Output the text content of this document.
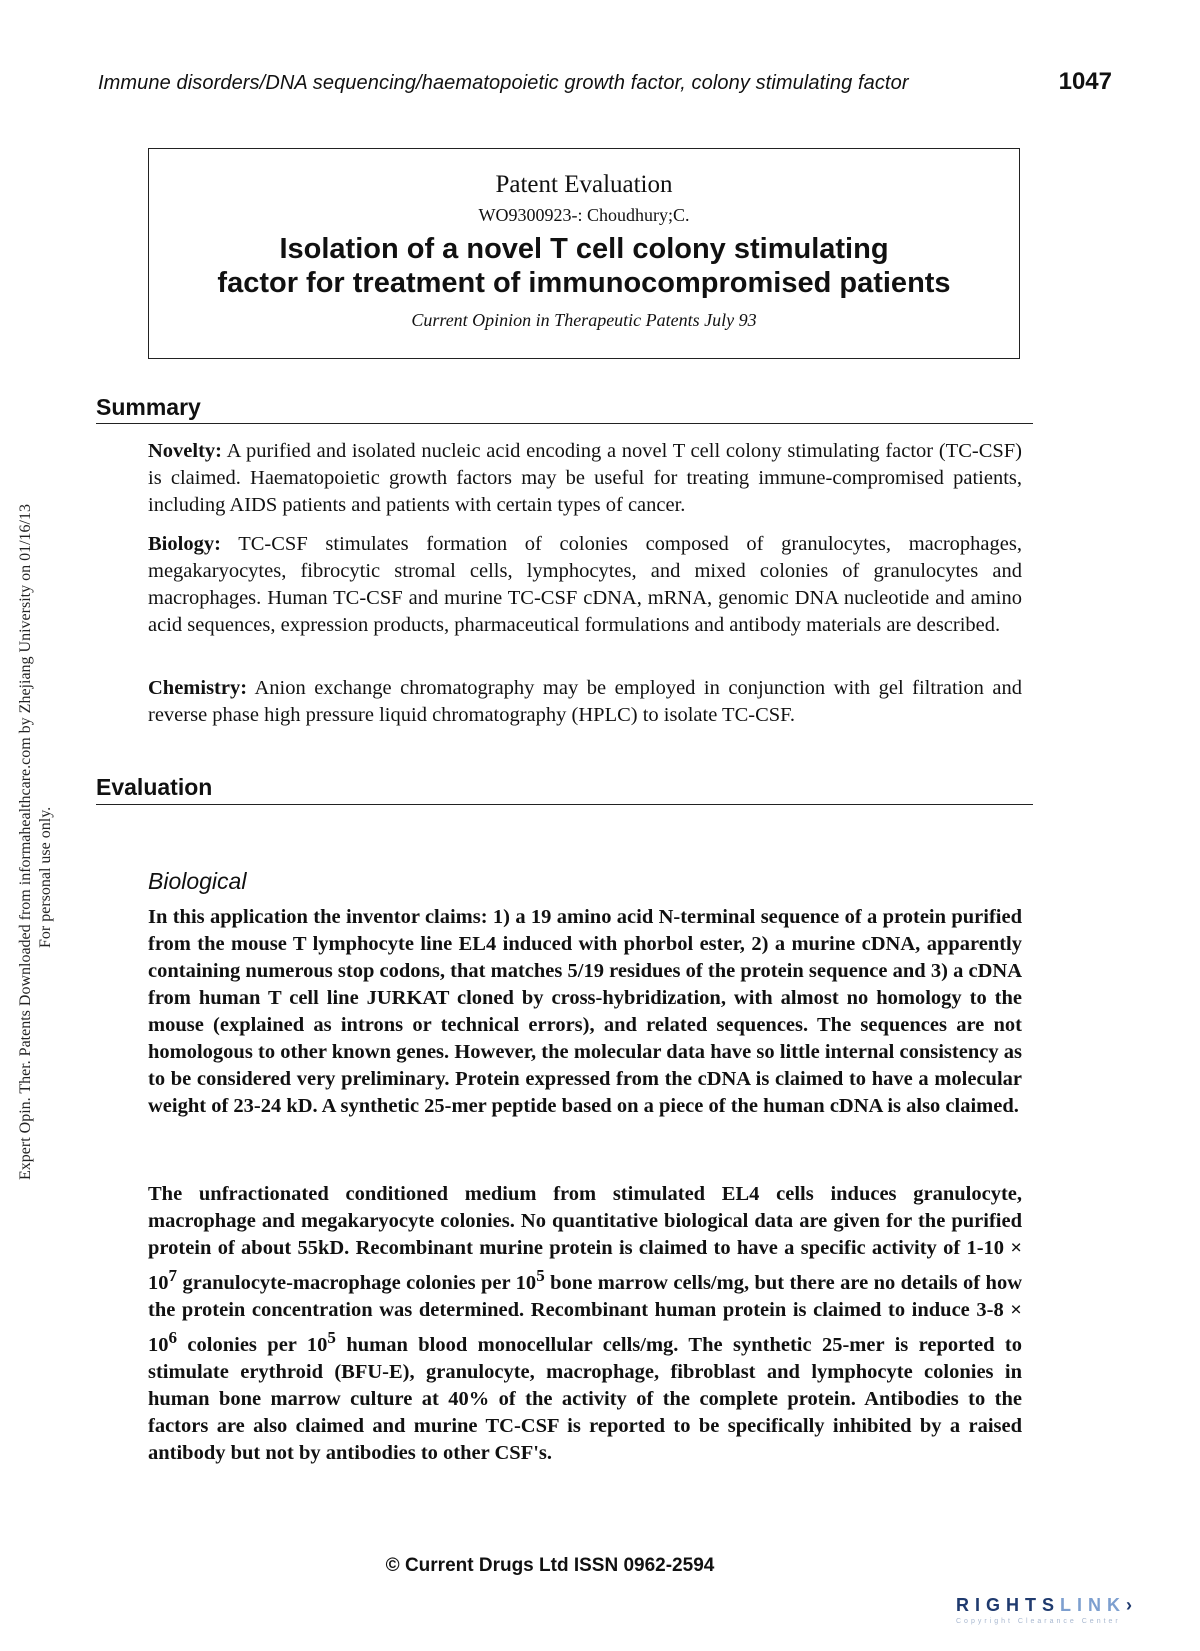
Immune disorders/DNA sequencing/haematopoietic growth factor, colony stimulating factor	1047
Expert Opin. Ther. Patents Downloaded from informahealthcare.com by Zhejiang University on 01/16/13 For personal use only.
Patent Evaluation
WO9300923-: Choudhury;C.
Isolation of a novel T cell colony stimulating
factor for treatment of immunocompromised patients
Current Opinion in Therapeutic Patents July 93
Summary
Novelty: A purified and isolated nucleic acid encoding a novel T cell colony stimulating factor (TC-CSF) is claimed. Haematopoietic growth factors may be useful for treating immune-compromised patients, including AIDS patients and patients with certain types of cancer.
Biology: TC-CSF stimulates formation of colonies composed of granulocytes, macrophages, megakaryocytes, fibrocytic stromal cells, lymphocytes, and mixed colonies of granulocytes and macrophages. Human TC-CSF and murine TC-CSF cDNA, mRNA, genomic DNA nucleotide and amino acid sequences, expression products, pharmaceutical formulations and antibody materials are described.
Chemistry: Anion exchange chromatography may be employed in conjunction with gel filtration and reverse phase high pressure liquid chromatography (HPLC) to isolate TC-CSF.
Evaluation
Biological
In this application the inventor claims: 1) a 19 amino acid N-terminal sequence of a protein purified from the mouse T lymphocyte line EL4 induced with phorbol ester, 2) a murine cDNA, apparently containing numerous stop codons, that matches 5/19 residues of the protein sequence and 3) a cDNA from human T cell line JURKAT cloned by cross-hybridization, with almost no homology to the mouse (explained as introns or technical errors), and related sequences. The sequences are not homologous to other known genes. However, the molecular data have so little internal consistency as to be considered very preliminary. Protein expressed from the cDNA is claimed to have a molecular weight of 23-24 kD. A synthetic 25-mer peptide based on a piece of the human cDNA is also claimed.
The unfractionated conditioned medium from stimulated EL4 cells induces granulocyte, macrophage and megakaryocyte colonies. No quantitative biological data are given for the purified protein of about 55kD. Recombinant murine protein is claimed to have a specific activity of $1-10 \times 10^7$ granulocyte-macrophage colonies per $10^5$ bone marrow cells/mg, but there are no details of how the protein concentration was determined. Recombinant human protein is claimed to induce $3-8 \times 10^6$ colonies per $10^5$ human blood monocellular cells/mg. The synthetic 25-mer is reported to stimulate erythroid (BFU-E), granulocyte, macrophage, fibroblast and lymphocyte colonies in human bone marrow culture at 40% of the activity of the complete protein. Antibodies to the factors are also claimed and murine TC-CSF is reported to be specifically inhibited by a raised antibody but not by antibodies to other CSF's.
© Current Drugs Ltd ISSN 0962-2594
RIGHTSLINK›
Copyright Clearance Center
